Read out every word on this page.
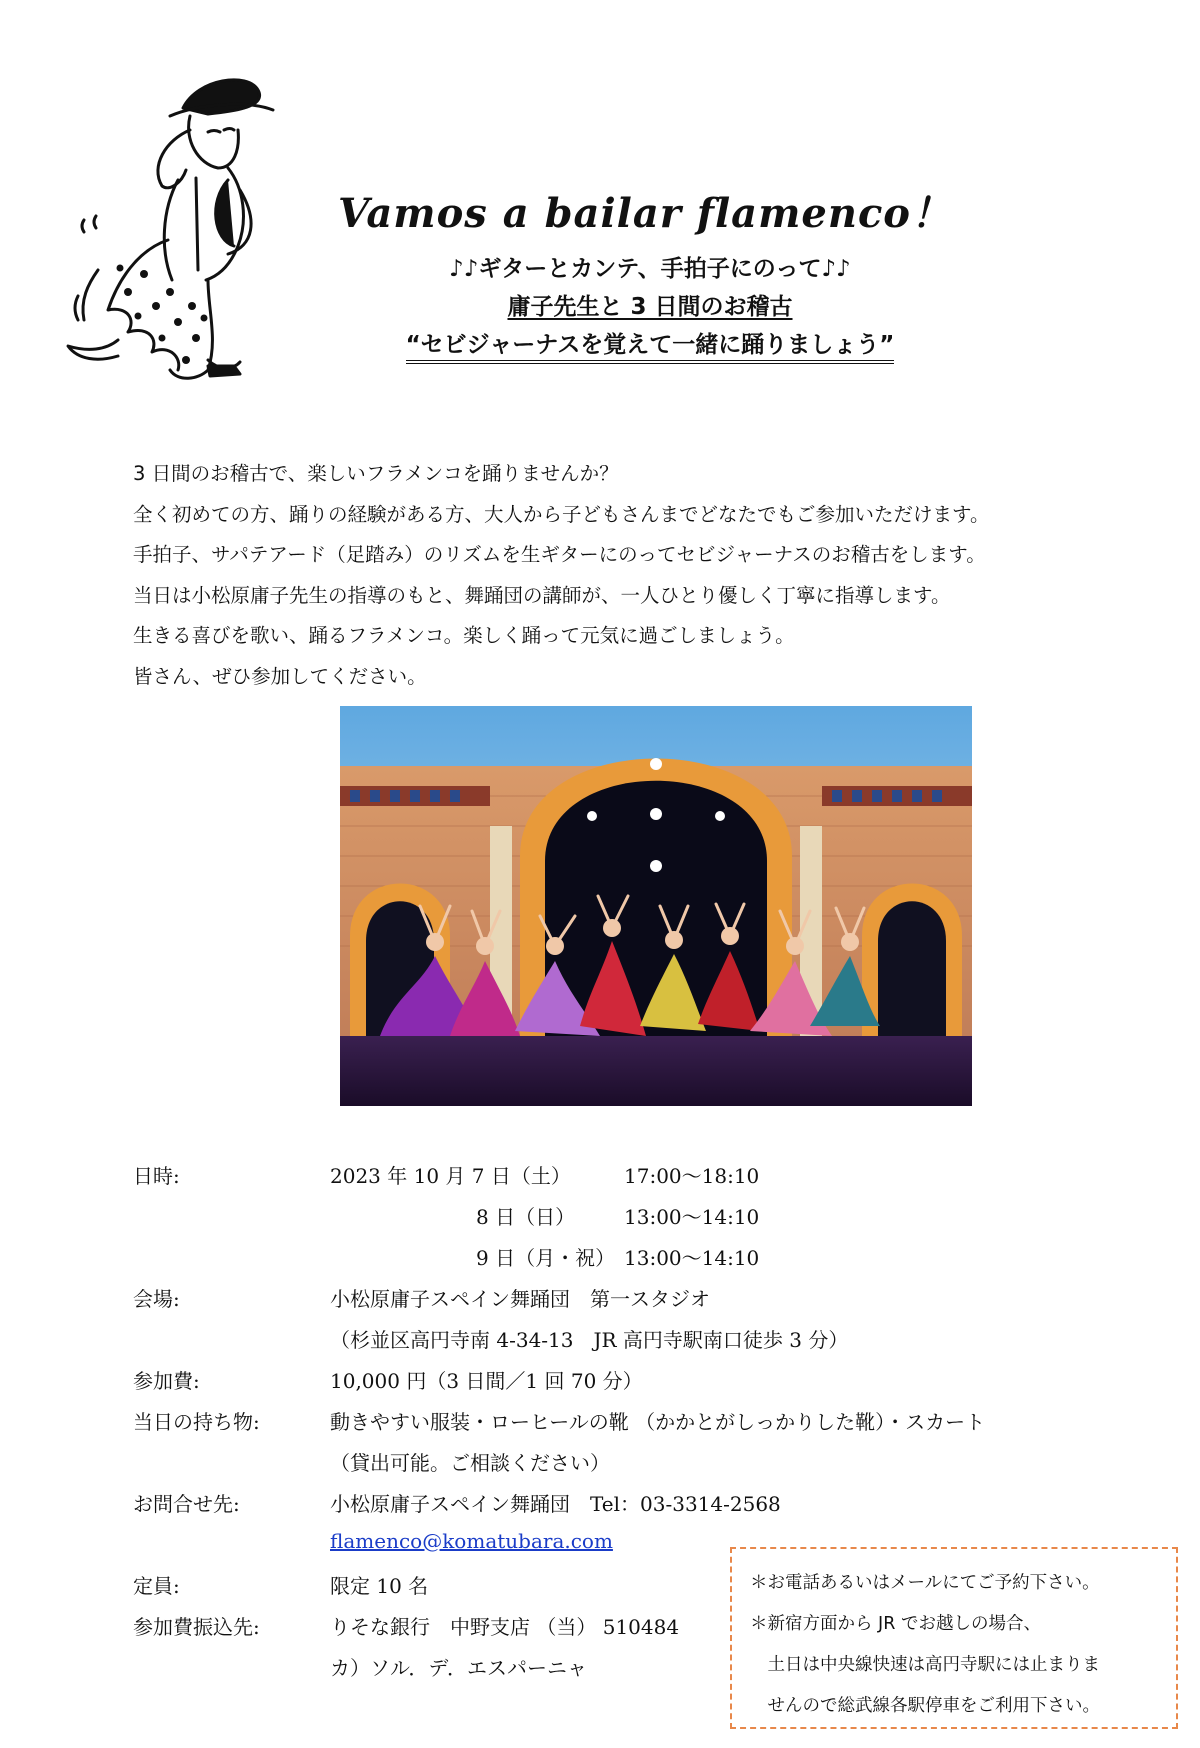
Vamos a bailar flamenco！
♪♪ギターとカンテ、手拍子にのって♪♪
庸子先生と 3 日間のお稽古
“セビジャーナスを覚えて一緒に踊りましょう”
3 日間のお稽古で、楽しいフラメンコを踊りませんか？
全く初めての方、踊りの経験がある方、大人から子どもさんまでどなたでもご参加いただけます。
手拍子、サパテアード（足踏み）のリズムを生ギターにのってセビジャーナスのお稽古をします。
当日は小松原庸子先生の指導のもと、舞踊団の講師が、一人ひとり優しく丁寧に指導します。
生きる喜びを歌い、踊るフラメンコ。楽しく踊って元気に過ごしましょう。
皆さん、ぜひ参加してください。
日時:	2023 年 10 月 7 日（土）	17:00～18:10
8 日（日） 13:00～14:10
9 日（月・祝） 13:00～14:10
会場:	小松原庸子スペイン舞踊団　第一スタジオ
（杉並区高円寺南 4-34-13　JR 高円寺駅南口徒歩 3 分）
参加費:	10,000 円（3 日間／1 回 70 分）
当日の持ち物:	動きやすい服装・ローヒールの靴 （かかとがしっかりした靴）・スカート
（貸出可能。ご相談ください）
お問合せ先:	小松原庸子スペイン舞踊団　Tel：03-3314-2568
flamenco@komatubara.com
定員:	限定 10 名
参加費振込先:	りそな銀行　中野支店 （当） 510484
カ）ソル．デ．エスパーニャ
＊お電話あるいはメールにてご予約下さい。
＊新宿方面から JR でお越しの場合、
　土日は中央線快速は高円寺駅には止まりま
　せんので総武線各駅停車をご利用下さい。
